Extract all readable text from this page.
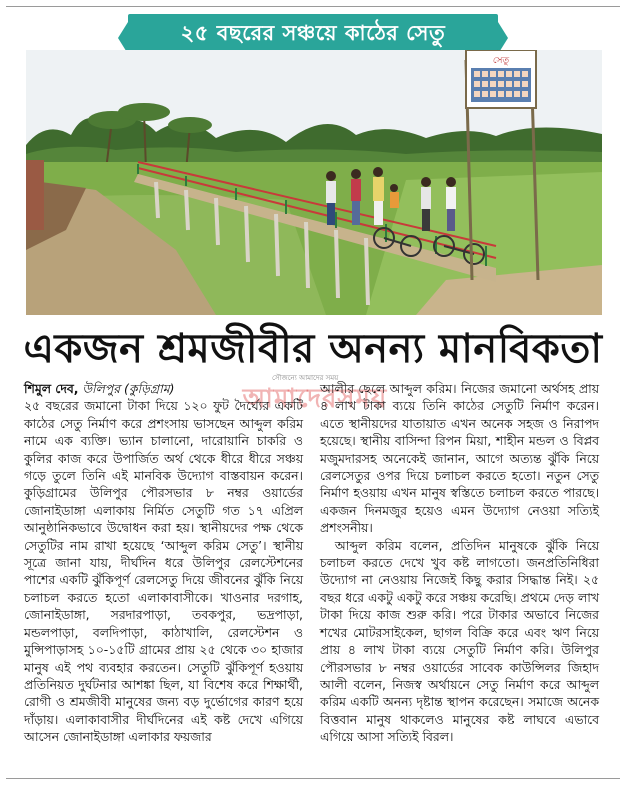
২৫ বছরের সঞ্চয়ে কাঠের সেতু
সেতু
একজন শ্রমজীবীর অনন্য মানবিকতা
সৌজন্যে আমাদের সময়
আমাদেরসময়
শিমুল দেব, উলিপুর (কুড়িগ্রাম)

২৫ বছরের জমানো টাকা দিয়ে ১২০ ফুট দৈর্ঘ্যের একটি কাঠের সেতু নির্মাণ করে প্রশংসায় ভাসছেন আব্দুল করিম নামে এক ব্যক্তি। ভ্যান চালানো, দারোয়ানি চাকরি ও কুলির কাজ করে উপার্জিত অর্থ থেকে ধীরে ধীরে সঞ্চয় গড়ে তুলে তিনি এই মানবিক উদ্যোগ বাস্তবায়ন করেন। কুড়িগ্রামের উলিপুর পৌরসভার ৮ নম্বর ওয়ার্ডের জোনাইডাঙ্গা এলাকায় নির্মিত সেতুটি গত ১৭ এপ্রিল আনুষ্ঠানিকভাবে উদ্বোধন করা হয়। স্থানীয়দের পক্ষ থেকে সেতুটির নাম রাখা হয়েছে ‘আব্দুল করিম সেতু’। স্থানীয় সূত্রে জানা যায়, দীর্ঘদিন ধরে উলিপুর রেলস্টেশনের পাশের একটি ঝুঁকিপূর্ণ রেলসেতু দিয়ে জীবনের ঝুঁকি নিয়ে চলাচল করতে হতো এলাকাবাসীকে। খাওনার দরগাহ, জোনাইডাঙ্গা, সরদারপাড়া, তবকপুর, ভদ্রপাড়া, মন্ডলপাড়া, বলদিপাড়া, কাঠাখালি, রেলস্টেশন ও মুন্সিপাড়াসহ ১০-১৫টি গ্রামের প্রায় ২৫ থেকে ৩০ হাজার মানুষ এই পথ ব্যবহার করতেন। সেতুটি ঝুঁকিপূর্ণ হওয়ায় প্রতিনিয়ত দুর্ঘটনার আশঙ্কা ছিল, যা বিশেষ করে শিক্ষার্থী, রোগী ও শ্রমজীবী মানুষের জন্য বড় দুর্ভোগের কারণ হয়ে দাঁড়ায়। এলাকাবাসীর দীর্ঘদিনের এই কষ্ট দেখে এগিয়ে আসেন জোনাইডাঙ্গা এলাকার ফয়জার

আলীর ছেলে আব্দুল করিম। নিজের জমানো অর্থসহ প্রায় ৪ লাখ টাকা ব্যয়ে তিনি কাঠের সেতুটি নির্মাণ করেন। এতে স্থানীয়দের যাতায়াত এখন অনেক সহজ ও নিরাপদ হয়েছে। স্থানীয় বাসিন্দা রিপন মিয়া, শাহীন মন্ডল ও বিপ্লব মজুমদারসহ অনেকেই জানান, আগে অত্যন্ত ঝুঁকি নিয়ে রেলসেতুর ওপর দিয়ে চলাচল করতে হতো। নতুন সেতু নির্মাণ হওয়ায় এখন মানুষ স্বস্তিতে চলাচল করতে পারছে। একজন দিনমজুর হয়েও এমন উদ্যোগ নেওয়া সত্যিই প্রশংসনীয়।

আব্দুল করিম বলেন, প্রতিদিন মানুষকে ঝুঁকি নিয়ে চলাচল করতে দেখে খুব কষ্ট লাগতো। জনপ্রতিনিধিরা উদ্যোগ না নেওয়ায় নিজেই কিছু করার সিদ্ধান্ত নিই। ২৫ বছর ধরে একটু একটু করে সঞ্চয় করেছি। প্রথমে দেড় লাখ টাকা দিয়ে কাজ শুরু করি। পরে টাকার অভাবে নিজের শখের মোটরসাইকেল, ছাগল বিক্রি করে এবং ঋণ নিয়ে প্রায় ৪ লাখ টাকা ব্যয়ে সেতুটি নির্মাণ করি। উলিপুর পৌরসভার ৮ নম্বর ওয়ার্ডের সাবেক কাউন্সিলর জিহাদ আলী বলেন, নিজস্ব অর্থায়নে সেতু নির্মাণ করে আব্দুল করিম একটি অনন্য দৃষ্টান্ত স্থাপন করেছেন। সমাজে অনেক বিত্তবান মানুষ থাকলেও মানুষের কষ্ট লাঘবে এভাবে এগিয়ে আসা সত্যিই বিরল।
